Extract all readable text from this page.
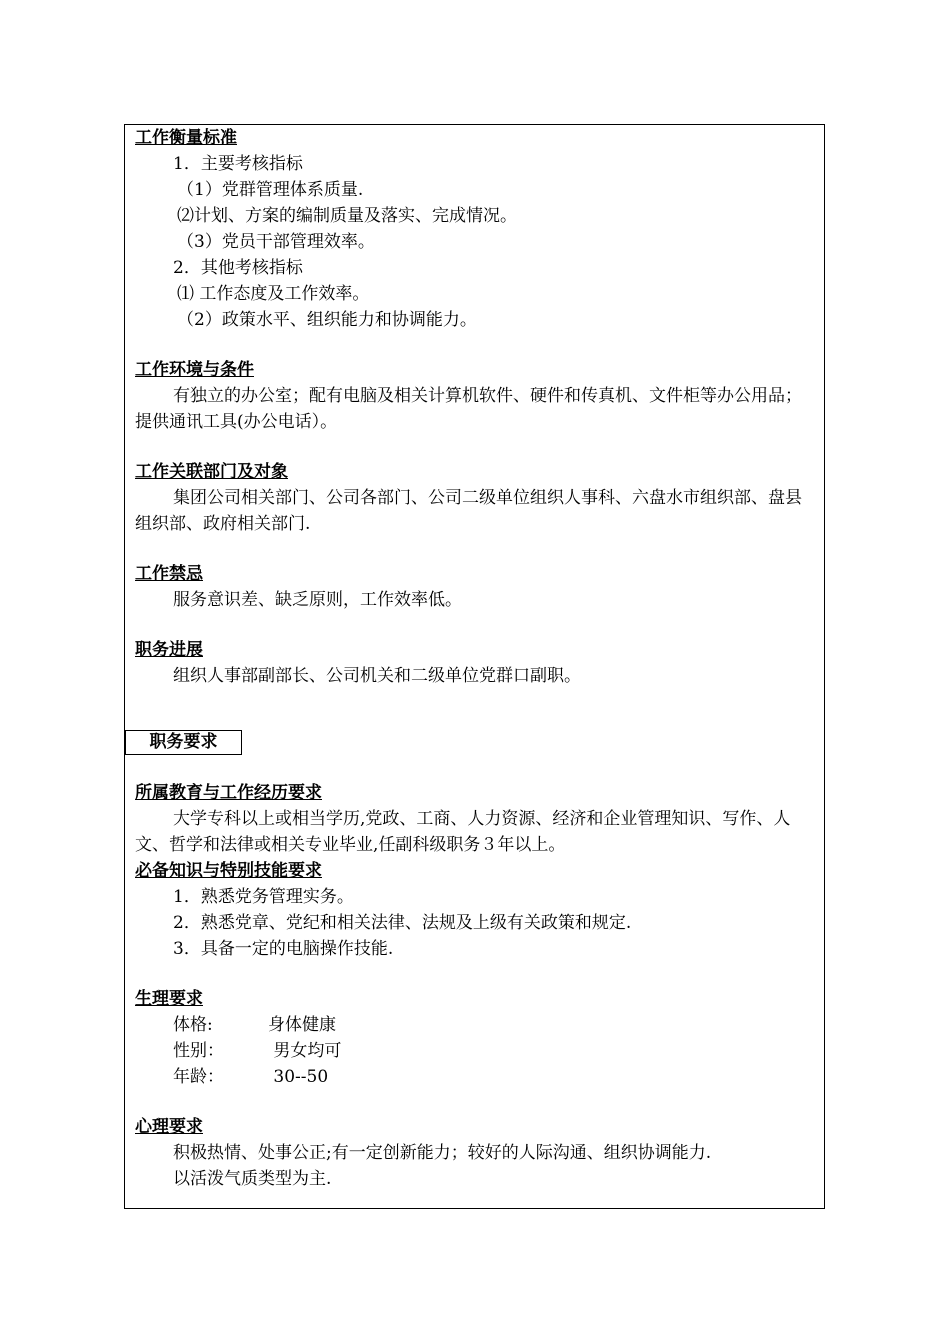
工作衡量标准
1．主要考核指标
（1）党群管理体系质量.
⑵计划、方案的编制质量及落实、完成情况。
（3）党员干部管理效率。
2．其他考核指标
⑴ 工作态度及工作效率。
（2）政策水平、组织能力和协调能力。
工作环境与条件
有独立的办公室；配有电脑及相关计算机软件、硬件和传真机、文件柜等办公用品；提供通讯工具(办公电话）。
工作关联部门及对象
集团公司相关部门、公司各部门、公司二级单位组织人事科、六盘水市组织部、盘县组织部、政府相关部门.
工作禁忌
服务意识差、缺乏原则，工作效率低。
职务进展
组织人事部副部长、公司机关和二级单位党群口副职。
职务要求
所属教育与工作经历要求
大学专科以上或相当学历,党政、工商、人力资源、经济和企业管理知识、写作、人文、哲学和法律或相关专业毕业,任副科级职务３年以上。
必备知识与特别技能要求
1．熟悉党务管理实务。
2．熟悉党章、党纪和相关法律、法规及上级有关政策和规定.
3．具备一定的电脑操作技能.
生理要求
体格:	身体健康
性别：	男女均可
年龄：	30--50
心理要求
积极热情、处事公正;有一定创新能力；较好的人际沟通、组织协调能力.
以活泼气质类型为主.
